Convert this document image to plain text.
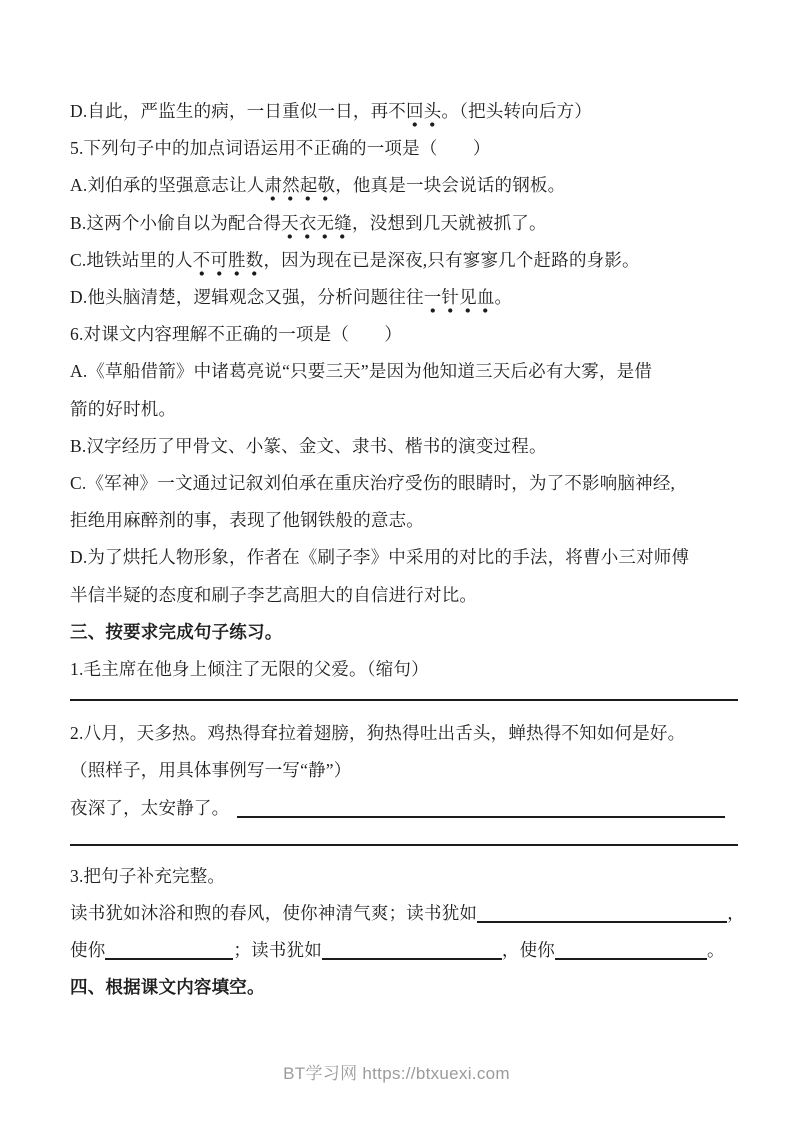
D.自此，严监生的病，一日重似一日，再不回头。（把头转向后方）
5.下列句子中的加点词语运用不正确的一项是（　　）
A.刘伯承的坚强意志让人肃然起敬，他真是一块会说话的钢板。
B.这两个小偷自以为配合得天衣无缝，没想到几天就被抓了。
C.地铁站里的人不可胜数，因为现在已是深夜,只有寥寥几个赶路的身影。
D.他头脑清楚，逻辑观念又强，分析问题往往一针见血。
6.对课文内容理解不正确的一项是（　　）
A.《草船借箭》中诸葛亮说“只要三天”是因为他知道三天后必有大雾，是借
箭的好时机。
B.汉字经历了甲骨文、小篆、金文、隶书、楷书的演变过程。
C.《军神》一文通过记叙刘伯承在重庆治疗受伤的眼睛时，为了不影响脑神经,
拒绝用麻醉剂的事，表现了他钢铁般的意志。
D.为了烘托人物形象，作者在《刷子李》中采用的对比的手法，将曹小三对师傅
半信半疑的态度和刷子李艺高胆大的自信进行对比。
三、按要求完成句子练习。
1.毛主席在他身上倾注了无限的父爱。（缩句）
2.八月，天多热。鸡热得耷拉着翅膀，狗热得吐出舌头，蝉热得不知如何是好。
（照样子，用具体事例写一写“静”）
夜深了，太安静了。
3.把句子补充完整。
读书犹如沐浴和煦的春风，使你神清气爽；读书犹如	，
使你	；读书犹如	，使你	。
四、根据课文内容填空。
BT学习网 https://btxuexi.com
